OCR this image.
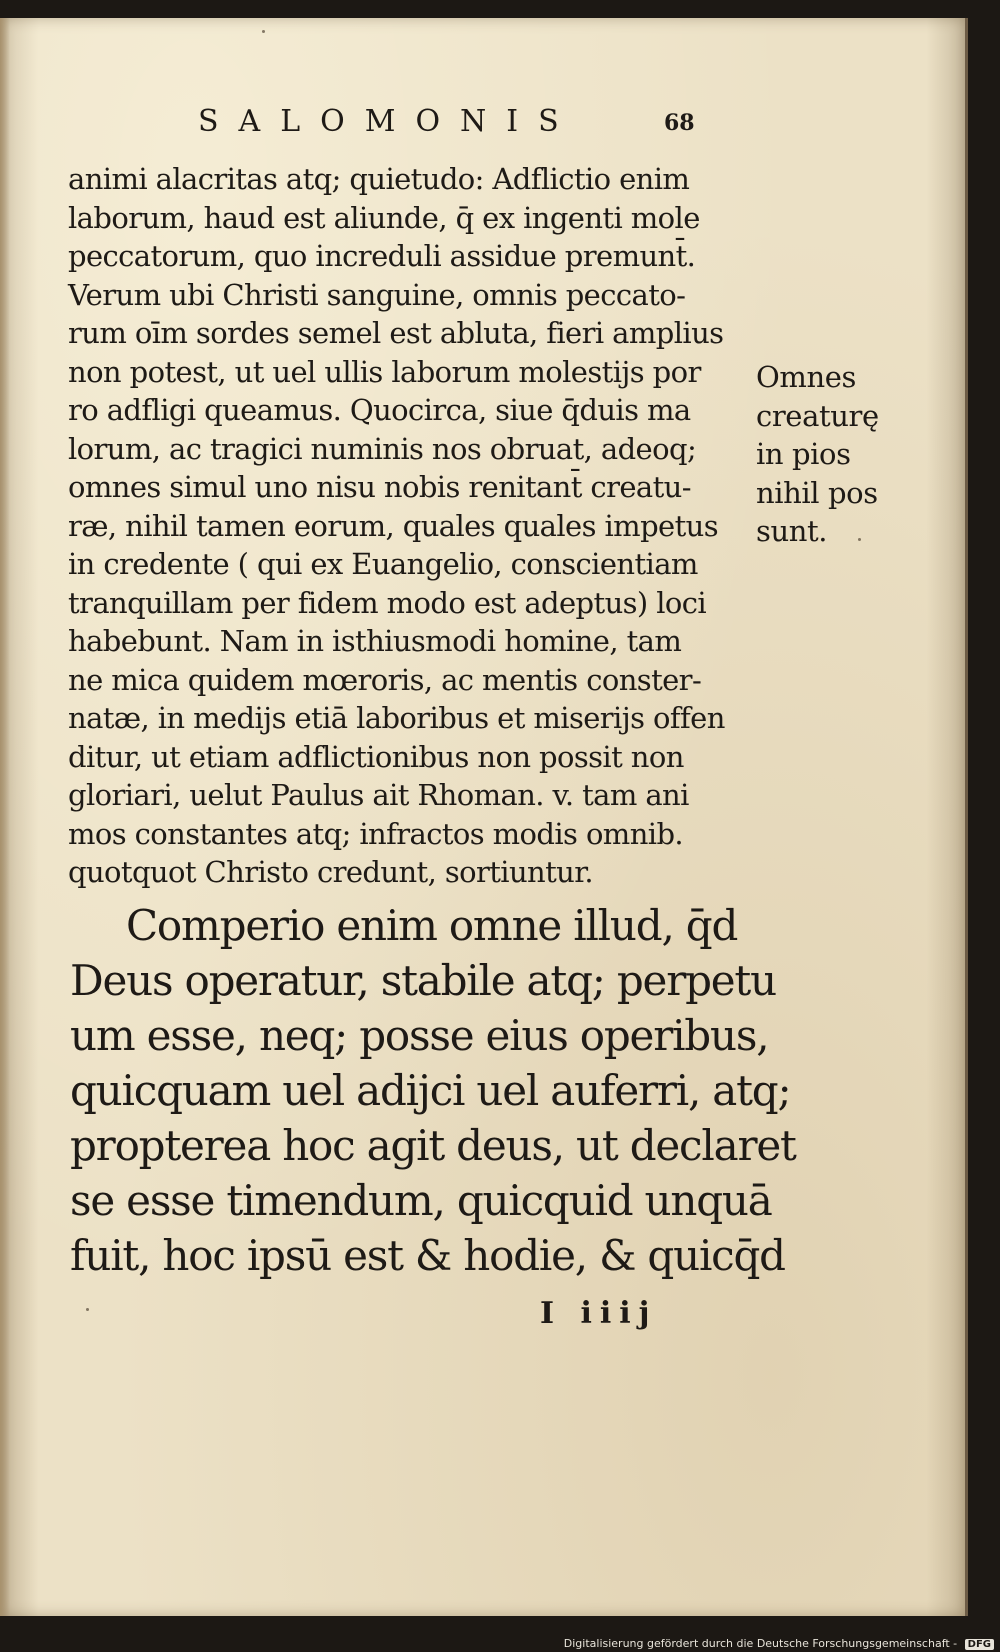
SALOMONIS	68
animi alacritas atq; quietudo: Adflictio enim
laborum, haud est aliunde, q̄ ex ingenti mole
peccatorum, quo increduli assidue premunt̄.
Verum ubi Christi sanguine, omnis peccato-
rum oīm sordes semel est abluta, fieri amplius
non potest, ut uel ullis laborum molestijs por
ro adfligi queamus. Quocirca, siue q̄duis ma
lorum, ac tragici numinis nos obruat, adeoq;
omnes simul uno nisu nobis renitant̄ creatu-
ræ, nihil tamen eorum, quales quales impetus
in credente ( qui ex Euangelio, conscientiam
tranquillam per fidem modo est adeptus) loci
habebunt. Nam in isthiusmodi homine, tam
ne mica quidem mœroris, ac mentis conster-
natæ, in medijs etiā laboribus et miserijs offen
ditur, ut etiam adflictionibus non possit non
gloriari, uelut Paulus ait Rhoman. v. tam ani
mos constantes atq; infractos modis omnib.
quotquot Christo credunt, sortiuntur.
Omnes
creaturę
in pios
nihil pos
sunt.
Comperio enim omne illud, q̄d
Deus operatur, stabile atq; perpetu
um esse, neq; posse eius operibus,
quicquam uel adijci uel auferri, atq;
propterea hoc agit deus, ut declaret
se esse timendum, quicquid unquā
fuit, hoc ipsū est & hodie, & quicq̄d
I iiij
Digitalisierung gefördert durch die Deutsche Forschungsgemeinschaft - DFG
